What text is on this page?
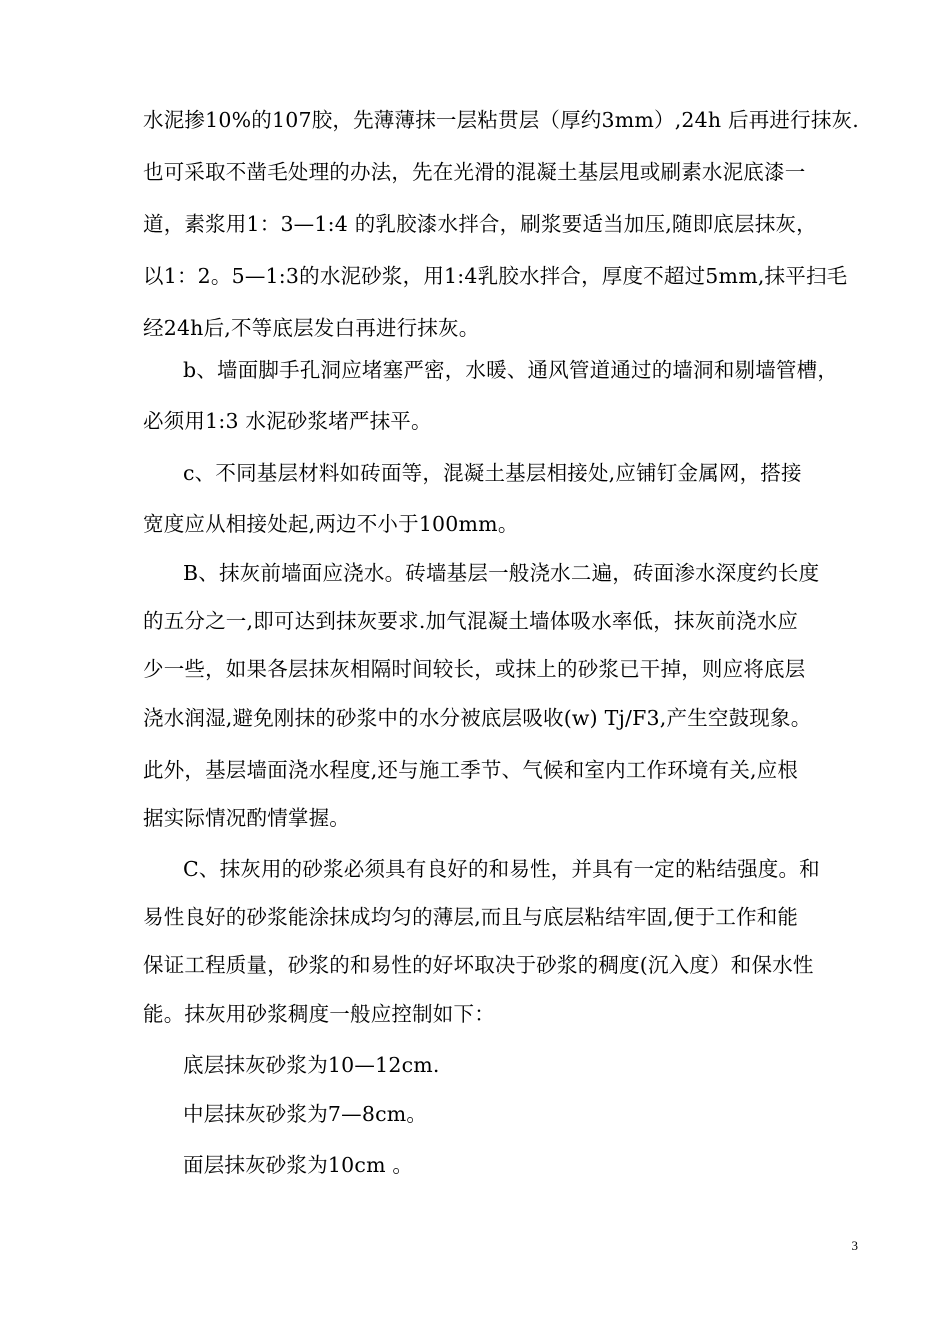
水泥掺10%的107胶，先薄薄抹一层粘贯层（厚约3mm）,24h 后再进行抹灰.
也可采取不凿毛处理的办法，先在光滑的混凝土基层甩或刷素水泥底漆一
道，素浆用1：3—1:4 的乳胶漆水拌合，刷浆要适当加压,随即底层抹灰，
以1：2。5—1:3的水泥砂浆，用1:4乳胶水拌合，厚度不超过5mm,抹平扫毛
经24h后,不等底层发白再进行抹灰。
b、墙面脚手孔洞应堵塞严密，水暖、通风管道通过的墙洞和剔墙管槽，
必须用1:3 水泥砂浆堵严抹平。
c、不同基层材料如砖面等，混凝土基层相接处,应铺钉金属网，搭接
宽度应从相接处起,两边不小于100mm。
B、抹灰前墙面应浇水。砖墙基层一般浇水二遍，砖面渗水深度约长度
的五分之一,即可达到抹灰要求.加气混凝土墙体吸水率低，抹灰前浇水应
少一些，如果各层抹灰相隔时间较长，或抹上的砂浆已干掉，则应将底层
浇水润湿,避免刚抹的砂浆中的水分被底层吸收(w) Tj/F3,产生空鼓现象。
此外，基层墙面浇水程度,还与施工季节、气候和室内工作环境有关,应根
据实际情况酌情掌握。
C、抹灰用的砂浆必须具有良好的和易性，并具有一定的粘结强度。和
易性良好的砂浆能涂抹成均匀的薄层,而且与底层粘结牢固,便于工作和能
保证工程质量，砂浆的和易性的好坏取决于砂浆的稠度(沉入度）和保水性
能。抹灰用砂浆稠度一般应控制如下：
底层抹灰砂浆为10—12cm.
中层抹灰砂浆为7—8cm。
面层抹灰砂浆为10cm 。
3
